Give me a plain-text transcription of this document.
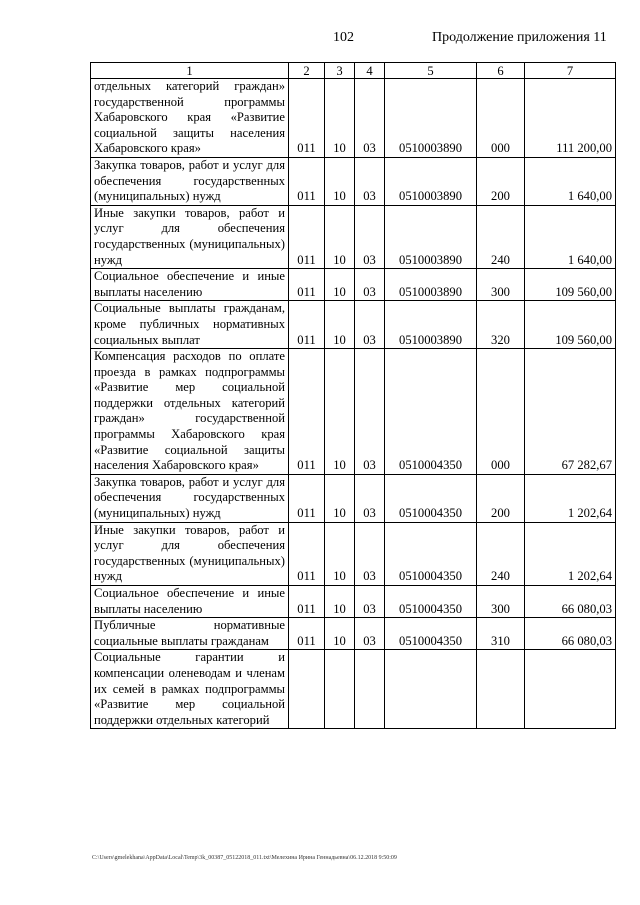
102	Продолжение приложения 11
1	2	3	4	5	6	7
отдельных категорий граждан» государственной программы Хабаровского края «Развитие социальной защиты населения Хабаровского края»	011	10	03	0510003890	000	111 200,00
Закупка товаров, работ и услуг для обеспечения государственных (муниципальных) нужд	011	10	03	0510003890	200	1 640,00
Иные закупки товаров, работ и услуг для обеспечения государственных (муниципальных) нужд	011	10	03	0510003890	240	1 640,00
Социальное обеспечение и иные выплаты населению	011	10	03	0510003890	300	109 560,00
Социальные выплаты гражданам, кроме публичных нормативных социальных выплат	011	10	03	0510003890	320	109 560,00
Компенсация расходов по оплате проезда в рамках подпрограммы «Развитие мер социальной поддержки отдельных категорий граждан» государственной программы Хабаровского края «Развитие социальной защиты населения Хабаровского края»	011	10	03	0510004350	000	67 282,67
Закупка товаров, работ и услуг для обеспечения государственных (муниципальных) нужд	011	10	03	0510004350	200	1 202,64
Иные закупки товаров, работ и услуг для обеспечения государственных (муниципальных) нужд	011	10	03	0510004350	240	1 202,64
Социальное обеспечение и иные выплаты населению	011	10	03	0510004350	300	66 080,03
Публичные нормативные социальные выплаты гражданам	011	10	03	0510004350	310	66 080,03
Социальные гарантии и компенсации оленеводам и членам их семей в рамках подпрограммы «Развитие мер социальной поддержки отдельных категорий						
C:\Users\gmelekhana\AppData\Local\Temp\3k_00387_05122018_011.txt\Мелехина Ирина Геннадьевна\06.12.2018 9:50:09
